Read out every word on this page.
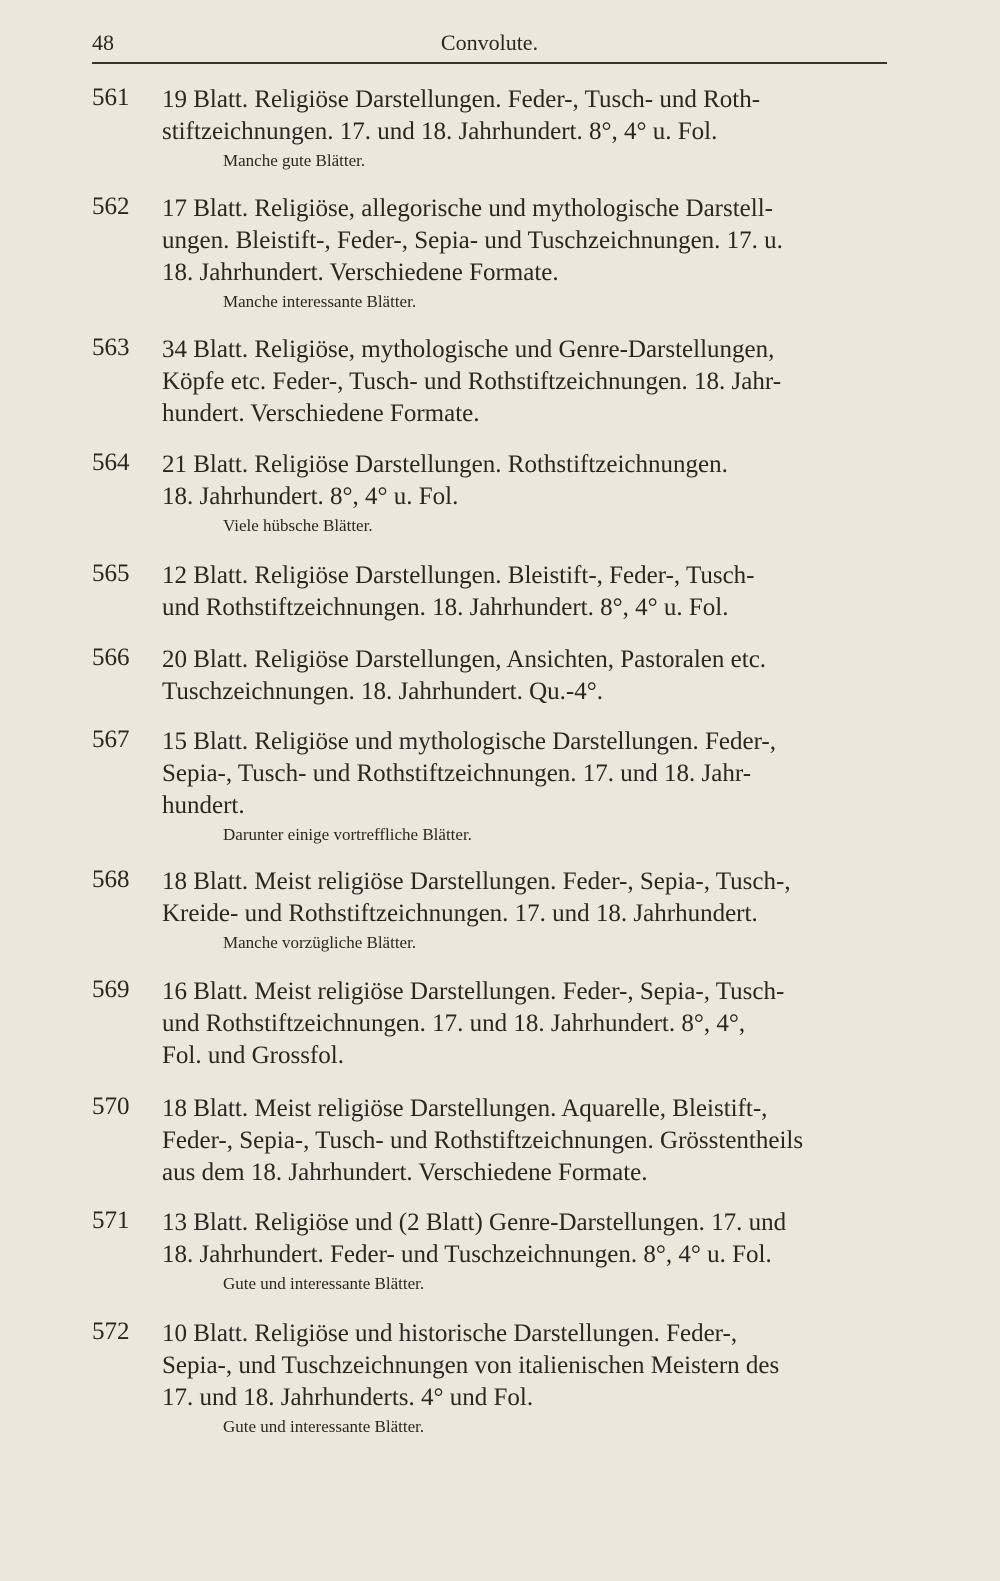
48	Convolute.
561 19 Blatt. Religiöse Darstellungen. Feder-, Tusch- und Roth-
stiftzeichnungen. 17. und 18. Jahrhundert. 8°, 4° u. Fol.
Manche gute Blätter.
562 17 Blatt. Religiöse, allegorische und mythologische Darstell-
ungen. Bleistift-, Feder-, Sepia- und Tuschzeichnungen. 17. u.
18. Jahrhundert. Verschiedene Formate.
Manche interessante Blätter.
563 34 Blatt. Religiöse, mythologische und Genre-Darstellungen,
Köpfe etc. Feder-, Tusch- und Rothstiftzeichnungen. 18. Jahr-
hundert. Verschiedene Formate.
564 21 Blatt. Religiöse Darstellungen. Rothstiftzeichnungen.
18. Jahrhundert. 8°, 4° u. Fol.
Viele hübsche Blätter.
565 12 Blatt. Religiöse Darstellungen. Bleistift-, Feder-, Tusch-
und Rothstiftzeichnungen. 18. Jahrhundert. 8°, 4° u. Fol.
566 20 Blatt. Religiöse Darstellungen, Ansichten, Pastoralen etc.
Tuschzeichnungen. 18. Jahrhundert. Qu.-4°.
567 15 Blatt. Religiöse und mythologische Darstellungen. Feder-,
Sepia-, Tusch- und Rothstiftzeichnungen. 17. und 18. Jahr-
hundert.
Darunter einige vortreffliche Blätter.
568 18 Blatt. Meist religiöse Darstellungen. Feder-, Sepia-, Tusch-,
Kreide- und Rothstiftzeichnungen. 17. und 18. Jahrhundert.
Manche vorzügliche Blätter.
569 16 Blatt. Meist religiöse Darstellungen. Feder-, Sepia-, Tusch-
und Rothstiftzeichnungen. 17. und 18. Jahrhundert. 8°, 4°,
Fol. und Grossfol.
570 18 Blatt. Meist religiöse Darstellungen. Aquarelle, Bleistift-,
Feder-, Sepia-, Tusch- und Rothstiftzeichnungen. Grösstentheils
aus dem 18. Jahrhundert. Verschiedene Formate.
571 13 Blatt. Religiöse und (2 Blatt) Genre-Darstellungen. 17. und
18. Jahrhundert. Feder- und Tuschzeichnungen. 8°, 4° u. Fol.
Gute und interessante Blätter.
572 10 Blatt. Religiöse und historische Darstellungen. Feder-,
Sepia-, und Tuschzeichnungen von italienischen Meistern des
17. und 18. Jahrhunderts. 4° und Fol.
Gute und interessante Blätter.
